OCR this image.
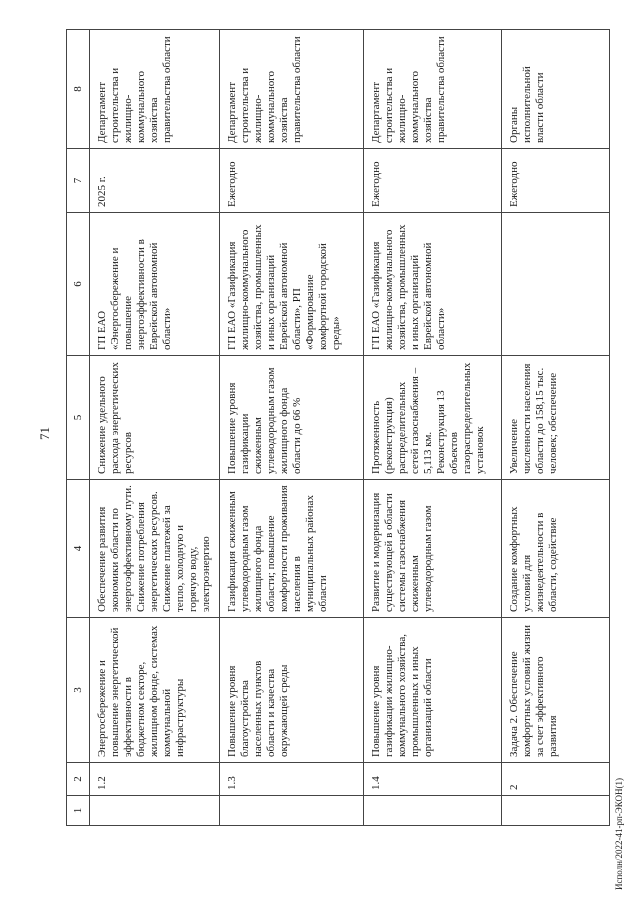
71
Исполн/2022-41-рп-ЭКОН(1)
1	2	3	4	5	6	7	8
	1.2	Энергосбережение и повышение энергетической эффективности в бюджетном секторе, жилищном фонде, системах коммунальной инфраструктуры	Обеспечение развития экономики области по энергоэффективному пути. Снижение потребления энергетических ресурсов. Снижение платежей за тепло, холодную и горячую воду, электроэнергию	Снижение удельного расхода энергетических ресурсов	ГП ЕАО «Энергосбережение и повышение энергоэффективности в Еврейской автономной области»	2025 г.	Департамент строительства и жилищно-коммунального хозяйства правительства области
	1.3	Повышение уровня благоустройства населенных пунктов области и качества окружающей среды	Газификация сжиженным углеводородным газом жилищного фонда области; повышение комфортности проживания населения в муниципальных районах области	Повышение уровня газификации сжиженным углеводородным газом жилищного фонда области до 66 %	ГП ЕАО «Газификация жилищно-коммунального хозяйства, промышленных и иных организаций Еврейской автономной области», РП «Формирование комфортной городской среды»	Ежегодно	Департамент строительства и жилищно-коммунального хозяйства правительства области
	1.4	Повышение уровня газификации жилищно-коммунального хозяйства, промышленных и иных организаций области	Развитие и модернизация существующей в области системы газоснабжения сжиженным углеводородным газом	Протяженность (реконструкция) распределительных сетей газоснабжения – 5,113 км. Реконструкция 13 объектов газораспределительных установок	ГП ЕАО «Газификация жилищно-коммунального хозяйства, промышленных и иных организаций Еврейской автономной области»	Ежегодно	Департамент строительства и жилищно-коммунального хозяйства правительства области
	2	Задача 2. Обеспечение комфортных условий жизни за счет эффективного развития	Создание комфортных условий для жизнедеятельности в области, содействие	Увеличение численности населения области до 158,15 тыс. человек; обеспечение		Ежегодно	Органы исполнительной власти области
